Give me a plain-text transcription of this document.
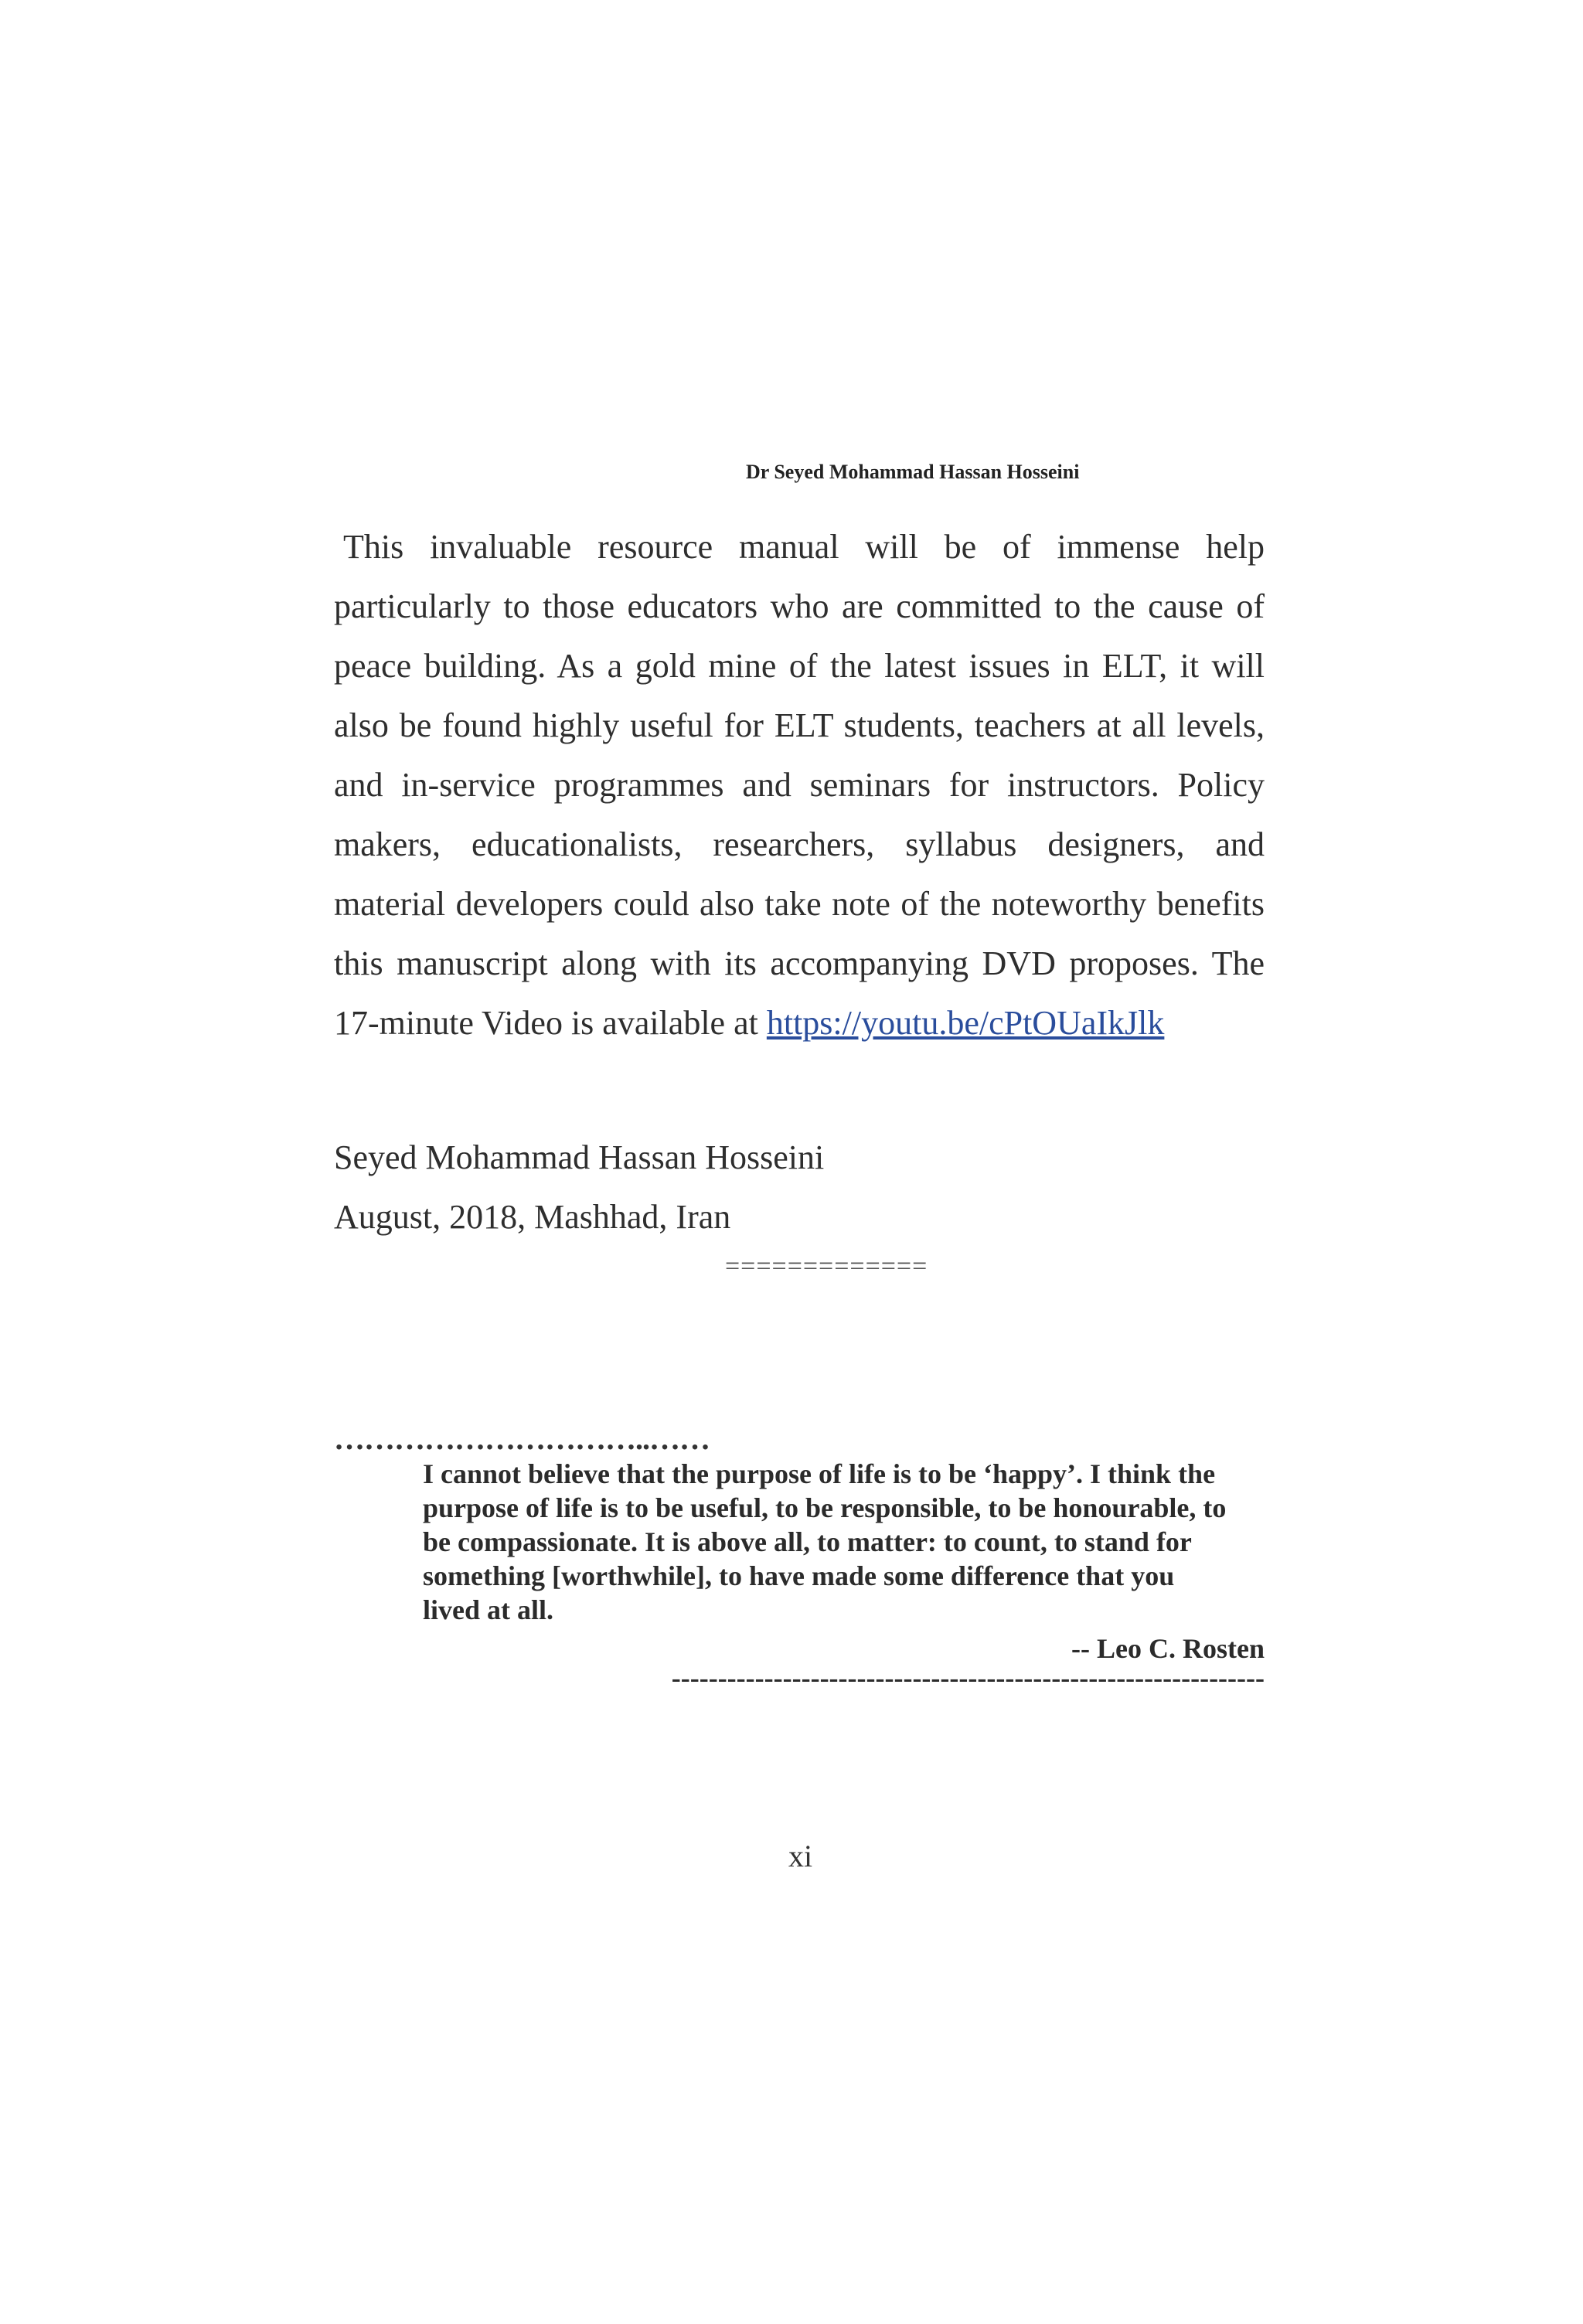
Dr Seyed Mohammad Hassan Hosseini

This invaluable resource manual will be of immense help particularly to those educators who are committed to the cause of peace building. As a gold mine of the latest issues in ELT, it will also be found highly useful for ELT students, teachers at all levels, and in-service programmes and seminars for instructors. Policy makers, educationalists, researchers, syllabus designers, and material developers could also take note of the noteworthy benefits this manuscript along with its accompanying DVD proposes. The 17-minute Video is available at https://youtu.be/cPtOUaIkJlk

Seyed Mohammad Hassan Hosseini
August, 2018, Mashhad, Iran
=============
…………………………..……
I cannot believe that the purpose of life is to be ‘happy’. I think the
purpose of life is to be useful, to be responsible, to be honourable, to
be compassionate. It is above all, to matter: to count, to stand for
something [worthwhile], to have made some difference that you
lived at all.
-- Leo C. Rosten
----------------------------------------------------------------
xi
